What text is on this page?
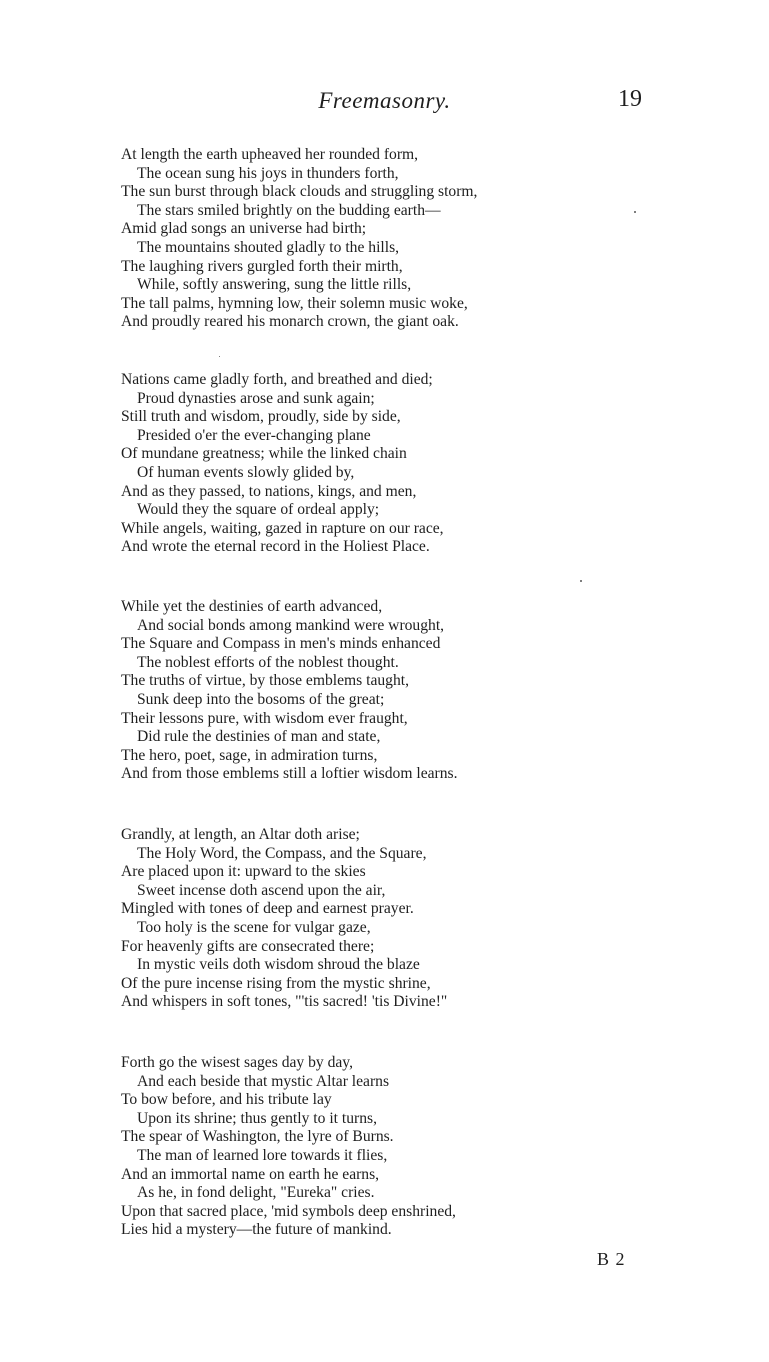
Freemasonry.	19
At length the earth upheaved her rounded form,
The ocean sung his joys in thunders forth,
The sun burst through black clouds and struggling storm,
The stars smiled brightly on the budding earth—
Amid glad songs an universe had birth;
The mountains shouted gladly to the hills,
The laughing rivers gurgled forth their mirth,
While, softly answering, sung the little rills,
The tall palms, hymning low, their solemn music woke,
And proudly reared his monarch crown, the giant oak.
Nations came gladly forth, and breathed and died;
Proud dynasties arose and sunk again;
Still truth and wisdom, proudly, side by side,
Presided o'er the ever-changing plane
Of mundane greatness; while the linked chain
Of human events slowly glided by,
And as they passed, to nations, kings, and men,
Would they the square of ordeal apply;
While angels, waiting, gazed in rapture on our race,
And wrote the eternal record in the Holiest Place.
While yet the destinies of earth advanced,
And social bonds among mankind were wrought,
The Square and Compass in men's minds enhanced
The noblest efforts of the noblest thought.
The truths of virtue, by those emblems taught,
Sunk deep into the bosoms of the great;
Their lessons pure, with wisdom ever fraught,
Did rule the destinies of man and state,
The hero, poet, sage, in admiration turns,
And from those emblems still a loftier wisdom learns.
Grandly, at length, an Altar doth arise;
The Holy Word, the Compass, and the Square,
Are placed upon it: upward to the skies
Sweet incense doth ascend upon the air,
Mingled with tones of deep and earnest prayer.
Too holy is the scene for vulgar gaze,
For heavenly gifts are consecrated there;
In mystic veils doth wisdom shroud the blaze
Of the pure incense rising from the mystic shrine,
And whispers in soft tones, "'tis sacred! 'tis Divine!"
Forth go the wisest sages day by day,
And each beside that mystic Altar learns
To bow before, and his tribute lay
Upon its shrine; thus gently to it turns,
The spear of Washington, the lyre of Burns.
The man of learned lore towards it flies,
And an immortal name on earth he earns,
As he, in fond delight, "Eureka" cries.
Upon that sacred place, 'mid symbols deep enshrined,
Lies hid a mystery—the future of mankind.
B 2
